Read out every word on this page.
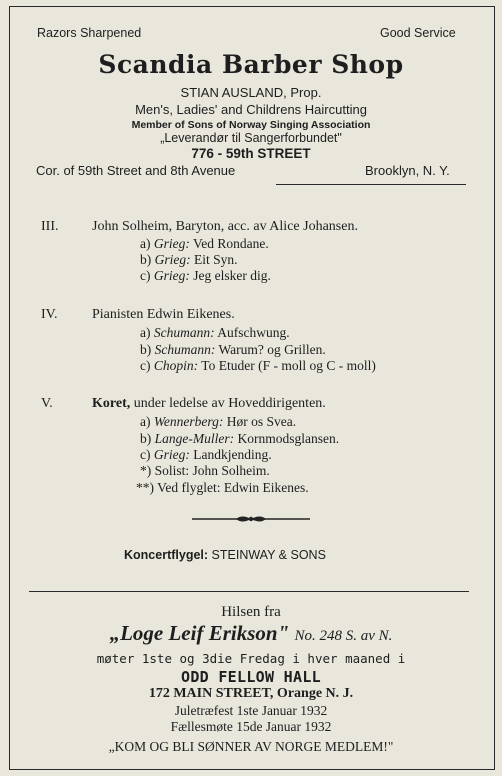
Razors Sharpened	Good Service
Scandia Barber Shop
STIAN AUSLAND, Prop.
Men's, Ladies' and Childrens Haircutting
Member of Sons of Norway Singing Association
„Leverandør til Sangerforbundet"
776 - 59th STREET
Cor. of 59th Street and 8th Avenue	Brooklyn, N. Y.
III. John Solheim, Baryton, acc. av Alice Johansen.
a) Grieg: Ved Rondane.
b) Grieg: Eit Syn.
c) Grieg: Jeg elsker dig.
IV. Pianisten Edwin Eikenes.
a) Schumann: Aufschwung.
b) Schumann: Warum? og Grillen.
c) Chopin: To Etuder (F - moll og C - moll)
V.	Koret, under ledelse av Hoveddirigenten.
a) Wennerberg: Hør os Svea.
b) Lange-Muller: Kornmodsglansen.
c) Grieg: Landkjending.
*) Solist: John Solheim.
**) Ved flyglet: Edwin Eikenes.
Koncertflygel: STEINWAY & SONS
Hilsen fra
„Loge Leif Erikson" No. 248 S. av N.
møter 1ste og 3die Fredag i hver maaned i
ODD FELLOW HALL
172 MAIN STREET, Orange N. J.
Juletræfest 1ste Januar 1932
Fællesmøte 15de Januar 1932
„KOM OG BLI SØNNER AV NORGE MEDLEM!"
